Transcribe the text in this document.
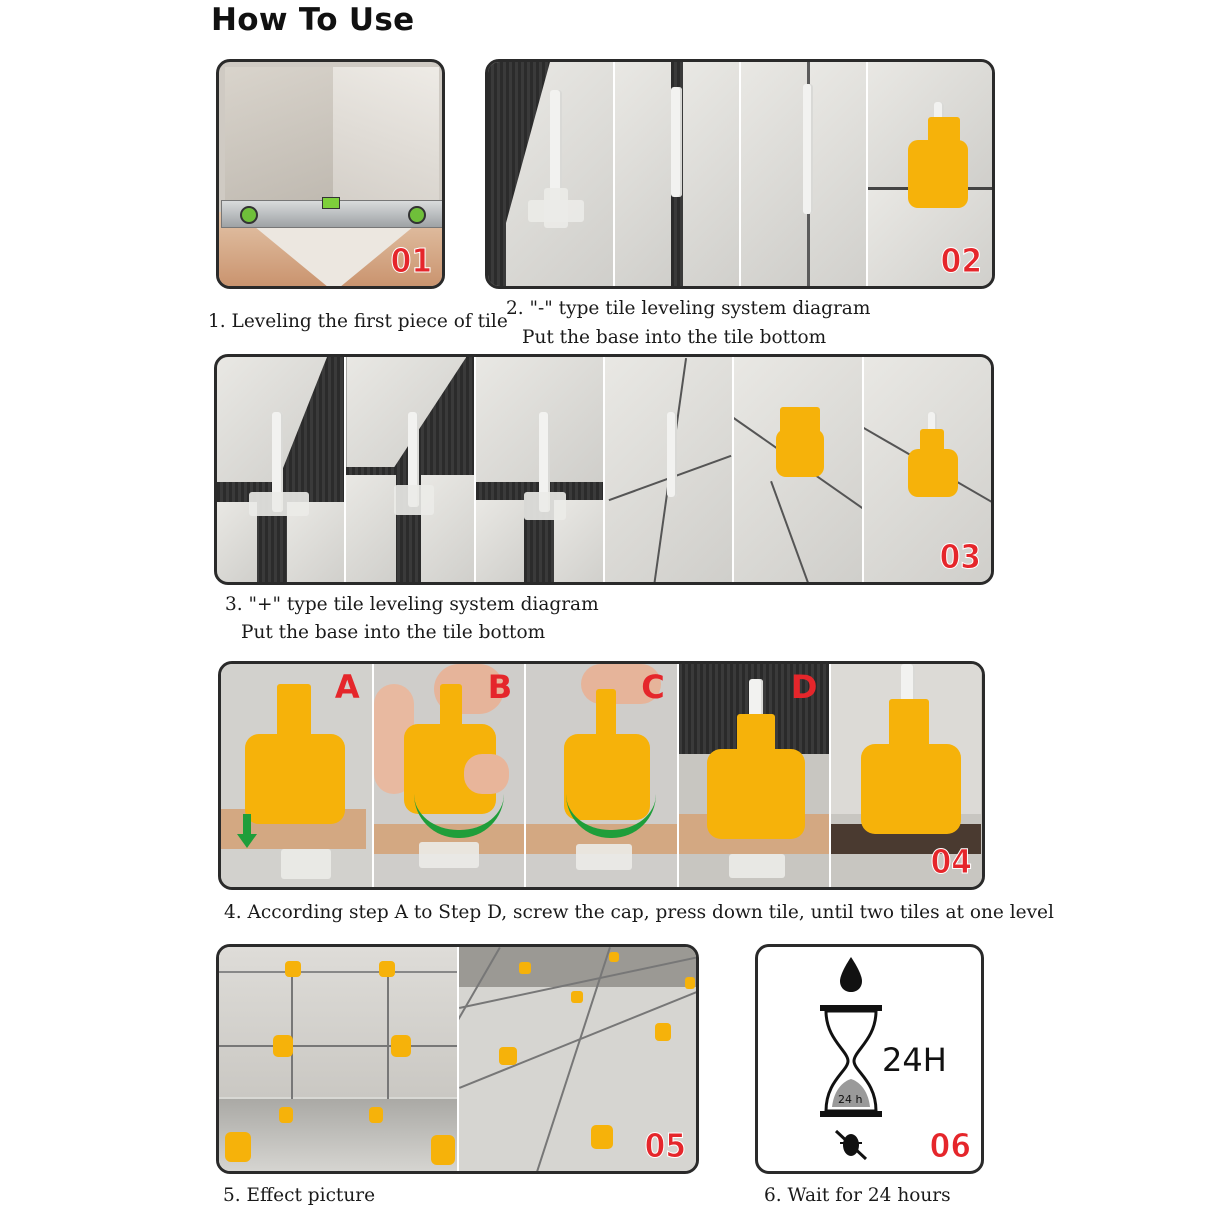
How To Use
01	02
1. Leveling the first piece of tile
2. "-" type tile leveling system diagram
Put the base into the tile bottom
03
3. "+" type tile leveling system diagram
Put the base into the tile bottom
A	B	C	D
04
4. According step A to Step D, screw the cap, press down tile, until two tiles at one level
05
5. Effect picture
24H
24 h
06
6. Wait for 24 hours
